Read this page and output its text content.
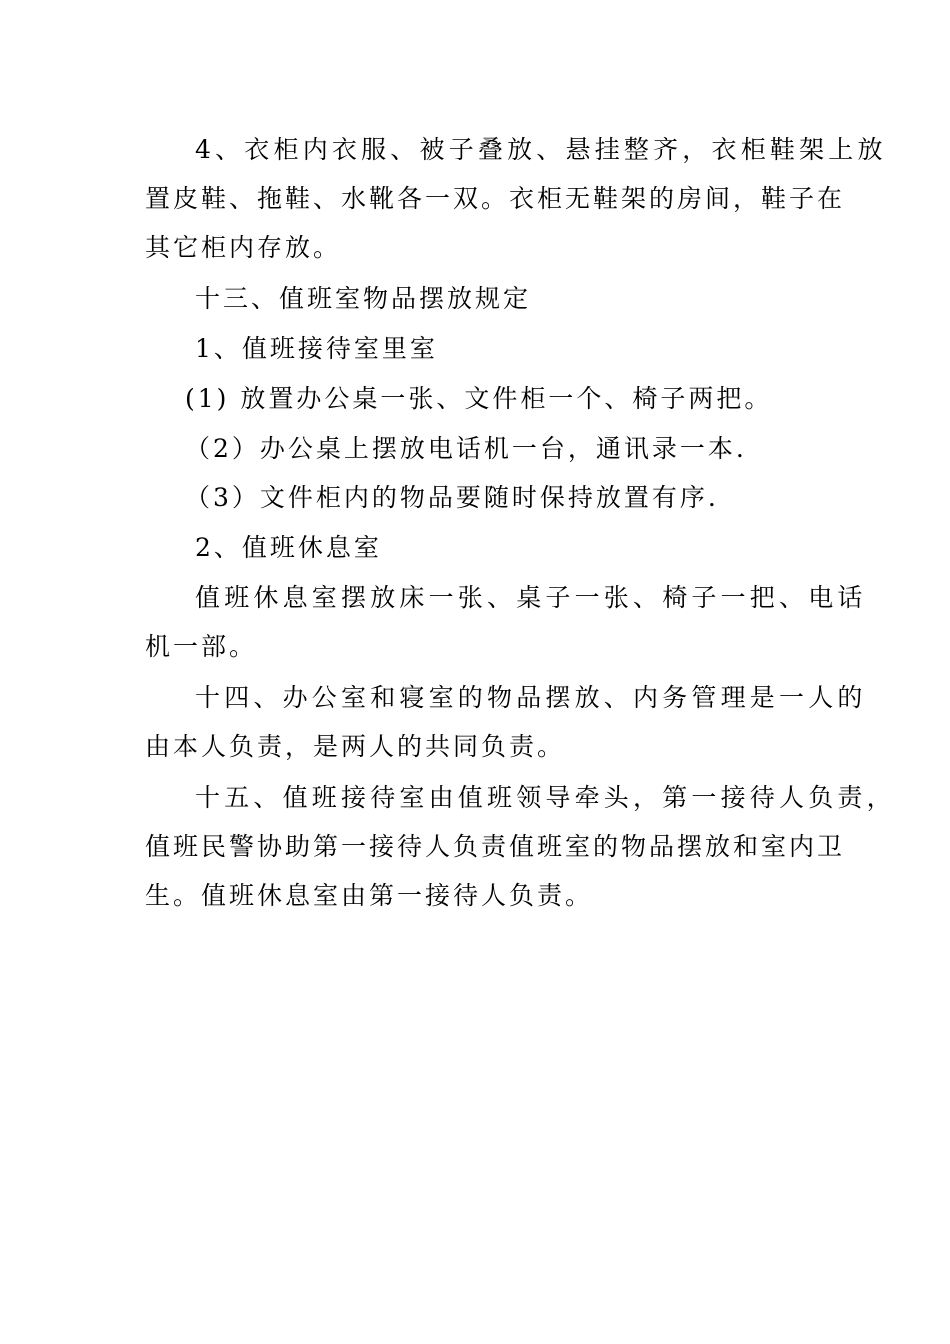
4、衣柜内衣服、被子叠放、悬挂整齐，衣柜鞋架上放
置皮鞋、拖鞋、水靴各一双。衣柜无鞋架的房间，鞋子在
其它柜内存放。
十三、值班室物品摆放规定
1、值班接待室里室
(1) 放置办公桌一张、文件柜一个、椅子两把。
（2）办公桌上摆放电话机一台，通讯录一本.
（3）文件柜内的物品要随时保持放置有序.
2、值班休息室
值班休息室摆放床一张、桌子一张、椅子一把、电话
机一部。
十四、办公室和寝室的物品摆放、内务管理是一人的
由本人负责，是两人的共同负责。
十五、值班接待室由值班领导牵头，第一接待人负责，
值班民警协助第一接待人负责值班室的物品摆放和室内卫
生。值班休息室由第一接待人负责。
